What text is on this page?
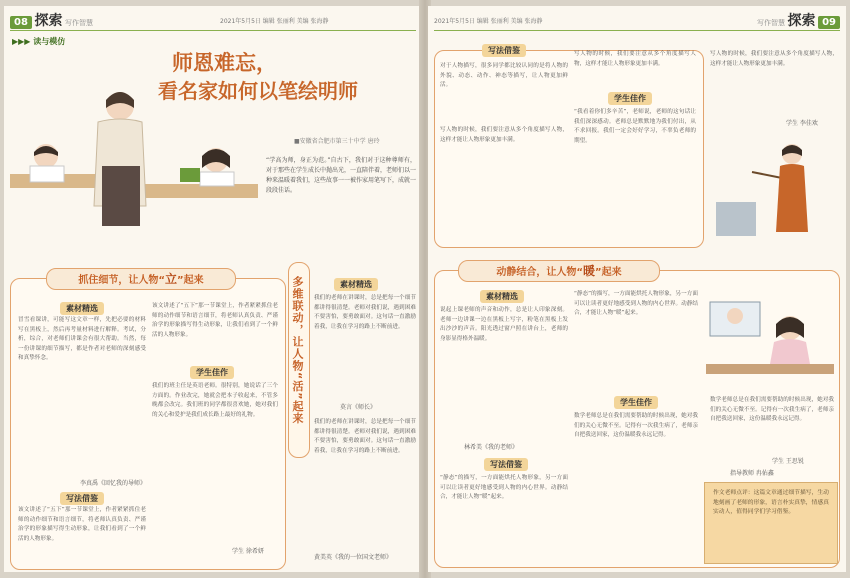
08 探索 写作智慧	2021年5月5日 编辑 张丽利 美编 张海静
▶▶▶ 读与模仿
师恩难忘，
看名家如何以笔绘明师
■安徽省合肥市第三十中学 唐玲
“学高为师，身正为范。”自古下，我们对于这种尊师有，对于那些在学生成长中抛出光，一直陪伴着，老师们以一种来温暖着我们，这些故事一一被作家用笔写下，成就一段段佳话。
抓住细节，让人物“立”起来
素材精选
冒雪看课讲，可能写这文章一样，先把必要的材料写在黑板上，然后再考量材料进行解释。考试，分析，综合，对老师们讲课会有很大帮助。当然，每一份讲课的细节描写，都是作者对老师的深刻感受和真挚怀念。
李真禹《回忆我的导师》
写法借鉴
该文讲述了“五下”那一节课堂上，作者紧紧抓住老师的动作细节和语言细节，将老师认真负责、严谨治学的形象描写得生动形象，让我们看到了一个鲜活的人物形象。
该文讲述了“五下”那一节课堂上，作者紧紧抓住老师的动作细节和语言细节，将老师认真负责、严谨治学的形象描写得生动形象，让我们看到了一个鲜活的人物形象。
学生佳作
我们的班主任是英语老师。很特别，她说话了三个方面的。作业改完，她就会把本子收起来，不管多晚都会改完。我们班的同学都很喜欢她，她对我们的关心和爱护是我们成长路上最好的礼物。
学生 徐希妍
多维联动，让人物“活”起来	素材精选
我们的老师在讲课时，总是把每一个细节都讲得很清楚。老师对我们说，遇到困难不要害怕，要勇敢面对。这句话一直激励着我，让我在学习的路上不断前进。
莫言《师长》
我们的老师在讲课时，总是把每一个细节都讲得很清楚。老师对我们说，遇到困难不要害怕，要勇敢面对。这句话一直激励着我，让我在学习的路上不断前进。
黄美英《我的一位国文老师》
2021年5月5日 编辑 张丽利 美编 张海静	写作智慧 探索 09
写法借鉴
对于人物描写，很多同学都比较认同的是将人物的外貌、动态、动作、神态等描写，让人物更加鲜活。
写人物的时候，我们要注意从多个角度描写人物，这样才能让人物形象更加丰满。
写人物的时候，我们要注意从多个角度描写人物，这样才能让人物形象更加丰满。
学生佳作
“我看着你们多辛苦”，老师说，老师的这句话让我们深深感动。老师总是默默地为我们付出，从不求回报。我们一定会好好学习，不辜负老师的期望。
写人物的时候，我们要注意从多个角度描写人物，这样才能让人物形象更加丰满。
学生 李佳欢
动静结合，让人物“暖”起来
素材精选
说起上课老师的声音和动作，总是让人印象深刻。老师一边讲课一边在黑板上写字，粉笔在黑板上发出沙沙的声音。阳光透过窗户照在讲台上，老师的身影显得格外温暖。
林希美《我的老师》
写法借鉴
“静态”的描写，一方面能烘托人物形象，另一方面可以让读者更好地感受到人物的内心世界。动静结合，才能让人物“暖”起来。
“静态”的描写，一方面能烘托人物形象，另一方面可以让读者更好地感受到人物的内心世界。动静结合，才能让人物“暖”起来。
学生佳作
数学老师总是在我们需要帮助的时候出现，她对我们的关心无微不至。记得有一次我生病了，老师亲自把我送回家，这份温暖我永远记得。
数学老师总是在我们需要帮助的时候出现，她对我们的关心无微不至。记得有一次我生病了，老师亲自把我送回家，这份温暖我永远记得。
学生 王思锐
指导教师 冉佑鑫
作文老师点评：这篇文章通过细节描写，生动地刻画了老师的形象，语言朴实真挚，情感真实动人，值得同学们学习借鉴。
